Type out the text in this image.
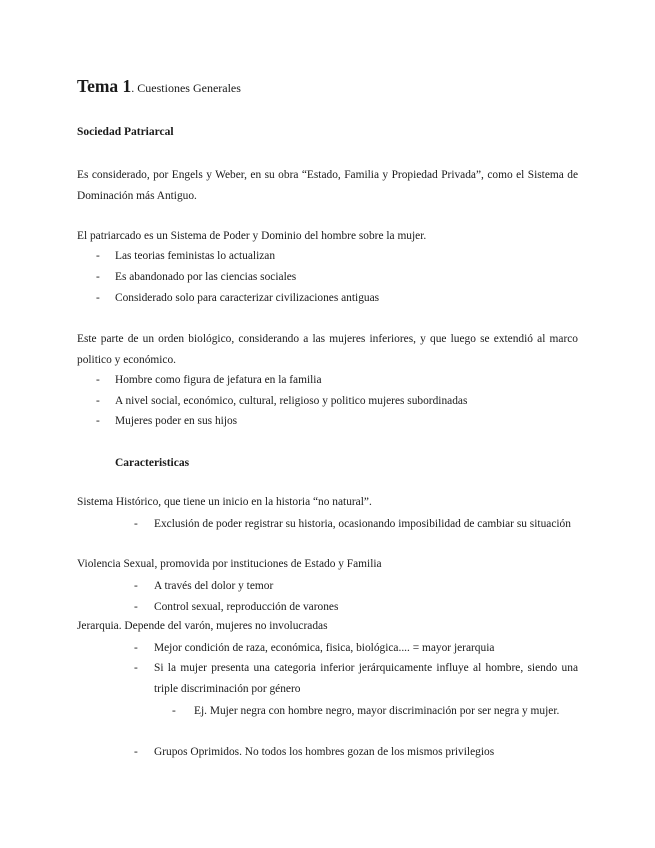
Tema 1. Cuestiones Generales
Sociedad Patriarcal
Es considerado, por Engels y Weber, en su obra “Estado, Familia y Propiedad Privada”, como el Sistema de Dominación más Antiguo.
El patriarcado es un Sistema de Poder y Dominio del hombre sobre la mujer.
- Las teorias feministas lo actualizan
- Es abandonado por las ciencias sociales
- Considerado solo para caracterizar civilizaciones antiguas
Este parte de un orden biológico, considerando a las mujeres inferiores, y que luego se extendió al marco politico y económico.
- Hombre como figura de jefatura en la familia
- A nivel social, económico, cultural, religioso y politico mujeres subordinadas
- Mujeres poder en sus hijos
Caracteristicas
Sistema Histórico, que tiene un inicio en la historia “no natural”.
- Exclusión de poder registrar su historia, ocasionando imposibilidad de cambiar su situación
Violencia Sexual, promovida por instituciones de Estado y Familia
- A través del dolor y temor
- Control sexual, reproducción de varones
Jerarquia. Depende del varón, mujeres no involucradas
- Mejor condición de raza, económica, fisica, biológica.... = mayor jerarquia
- Si la mujer presenta una categoria inferior jerárquicamente influye al hombre, siendo una triple discriminación por género
- Ej. Mujer negra con hombre negro, mayor discriminación por ser negra y mujer.
- Grupos Oprimidos. No todos los hombres gozan de los mismos privilegios
